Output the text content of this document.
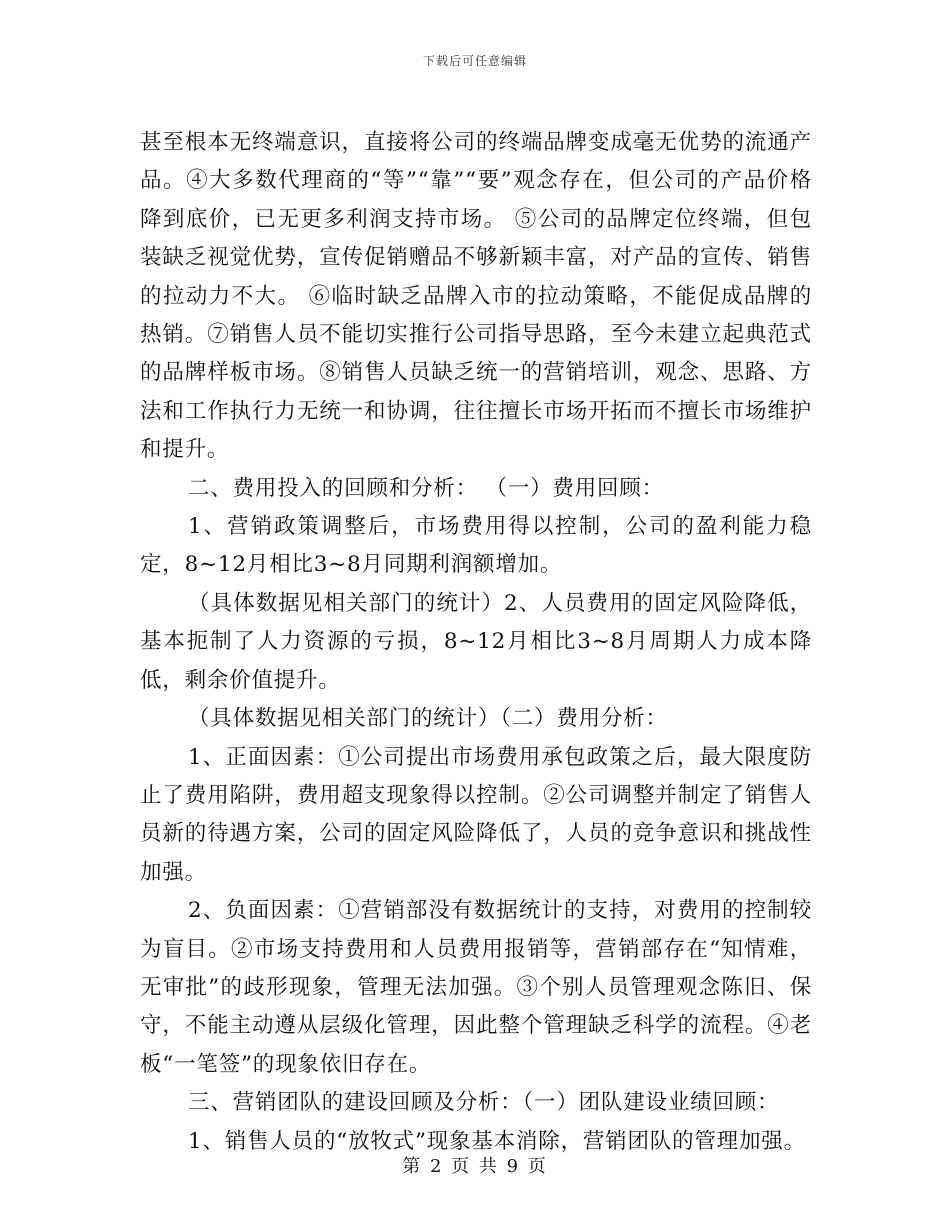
下载后可任意编辑

甚至根本无终端意识，直接将公司的终端品牌变成毫无优势的流通产品。④大多数代理商的“等”“靠”“要”观念存在，但公司的产品价格降到底价，已无更多利润支持市场。 ⑤公司的品牌定位终端，但包装缺乏视觉优势，宣传促销赠品不够新颖丰富，对产品的宣传、销售的拉动力不大。 ⑥临时缺乏品牌入市的拉动策略，不能促成品牌的热销。⑦销售人员不能切实推行公司指导思路，至今未建立起典范式的品牌样板市场。⑧销售人员缺乏统一的营销培训，观念、思路、方法和工作执行力无统一和协调，往往擅长市场开拓而不擅长市场维护和提升。

二、费用投入的回顾和分析： （一）费用回顾：

1、营销政策调整后，市场费用得以控制，公司的盈利能力稳定，8~12月相比3~8月同期利润额增加。

（具体数据见相关部门的统计）2、人员费用的固定风险降低，基本扼制了人力资源的亏损，8~12月相比3~8月周期人力成本降低，剩余价值提升。

（具体数据见相关部门的统计）（二）费用分析：

1、正面因素：①公司提出市场费用承包政策之后，最大限度防止了费用陷阱，费用超支现象得以控制。②公司调整并制定了销售人员新的待遇方案，公司的固定风险降低了，人员的竞争意识和挑战性加强。

2、负面因素：①营销部没有数据统计的支持，对费用的控制较为盲目。②市场支持费用和人员费用报销等，营销部存在“知情难，无审批”的歧形现象，管理无法加强。③个别人员管理观念陈旧、保守，不能主动遵从层级化管理，因此整个管理缺乏科学的流程。④老板“一笔签”的现象依旧存在。

三、营销团队的建设回顾及分析：（一）团队建设业绩回顾：

1、销售人员的“放牧式”现象基本消除，营销团队的管理加强。

第 2 页 共 9 页
